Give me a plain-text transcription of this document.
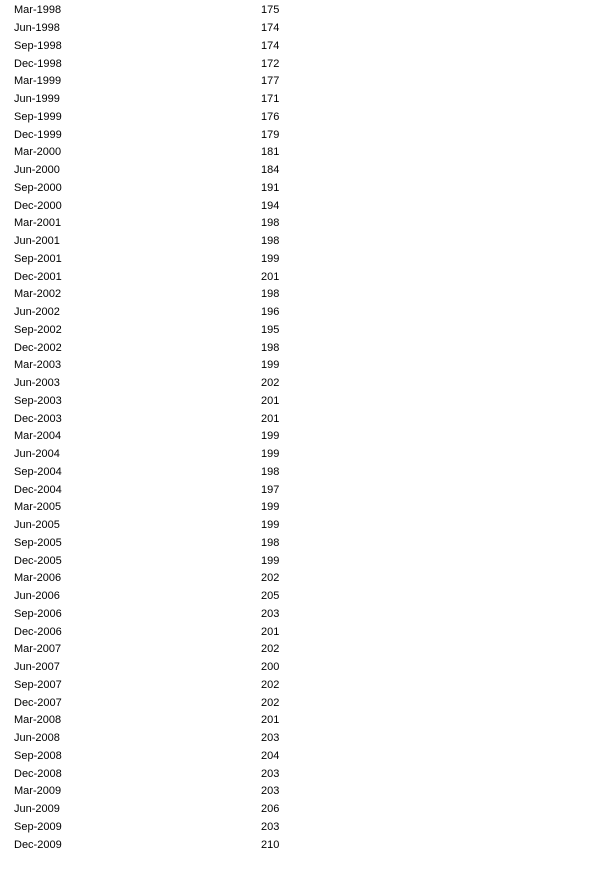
Mar-1998	175
Jun-1998	174
Sep-1998	174
Dec-1998	172
Mar-1999	177
Jun-1999	171
Sep-1999	176
Dec-1999	179
Mar-2000	181
Jun-2000	184
Sep-2000	191
Dec-2000	194
Mar-2001	198
Jun-2001	198
Sep-2001	199
Dec-2001	201
Mar-2002	198
Jun-2002	196
Sep-2002	195
Dec-2002	198
Mar-2003	199
Jun-2003	202
Sep-2003	201
Dec-2003	201
Mar-2004	199
Jun-2004	199
Sep-2004	198
Dec-2004	197
Mar-2005	199
Jun-2005	199
Sep-2005	198
Dec-2005	199
Mar-2006	202
Jun-2006	205
Sep-2006	203
Dec-2006	201
Mar-2007	202
Jun-2007	200
Sep-2007	202
Dec-2007	202
Mar-2008	201
Jun-2008	203
Sep-2008	204
Dec-2008	203
Mar-2009	203
Jun-2009	206
Sep-2009	203
Dec-2009	210
